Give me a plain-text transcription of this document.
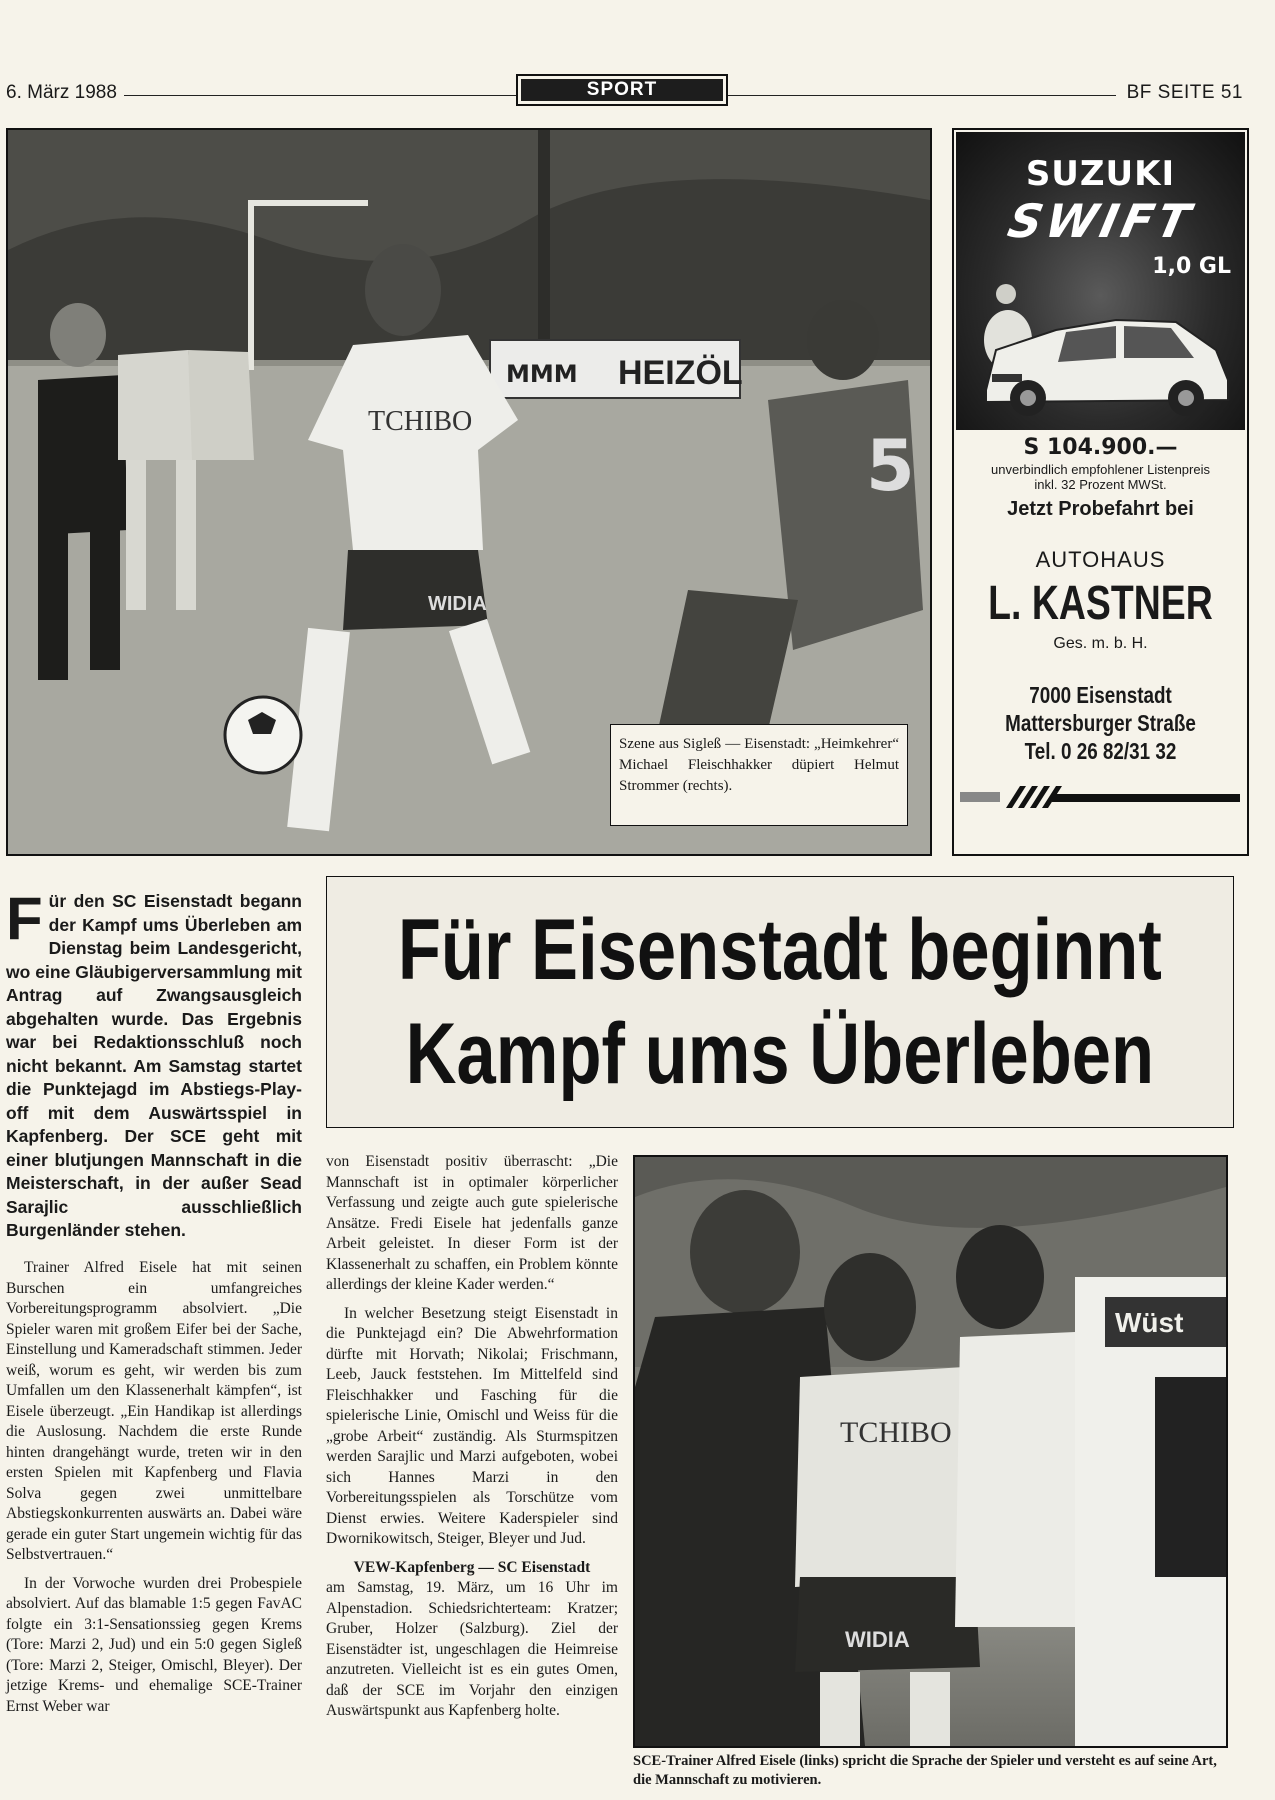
6. März 1988	SPORT	BF SEITE 51
MMM HEIZÖL
TCHIBO
WIDIA
5
Szene aus Sigleß — Eisenstadt: „Heimkehrer“ Michael Fleischhakker düpiert Helmut Strommer (rechts).
SUZUKI
SWIFT
1,0 GL
S 104.900.—
unverbindlich empfohlener Listenpreis
inkl. 32 Prozent MWSt.
Jetzt Probefahrt bei
AUTOHAUS
L. KASTNER
Ges. m. b. H.
7000 Eisenstadt
Mattersburger Straße
Tel. 0 26 82/31 32
Für Eisenstadt beginnt
Kampf ums Überleben
F ür den SC Eisenstadt begann der Kampf ums Überleben am Dienstag beim Landesgericht, wo eine Gläubigerversammlung mit Antrag auf Zwangsausgleich abgehalten wurde. Das Ergebnis war bei Redaktionsschluß noch nicht bekannt. Am Samstag startet die Punktejagd im Abstiegs-Play-off mit dem Auswärtsspiel in Kapfenberg. Der SCE geht mit einer blutjungen Mannschaft in die Meisterschaft, in der außer Sead Sarajlic ausschließlich Burgenländer stehen.

Trainer Alfred Eisele hat mit seinen Burschen ein umfangreiches Vorbereitungsprogramm absolviert. „Die Spieler waren mit großem Eifer bei der Sache, Einstellung und Kameradschaft stimmen. Jeder weiß, worum es geht, wir werden bis zum Umfallen um den Klassenerhalt kämpfen“, ist Eisele überzeugt. „Ein Handikap ist allerdings die Auslosung. Nachdem die erste Runde hinten drangehängt wurde, treten wir in den ersten Spielen mit Kapfenberg und Flavia Solva gegen zwei unmittelbare Abstiegskonkurrenten auswärts an. Dabei wäre gerade ein guter Start ungemein wichtig für das Selbstvertrauen.“

In der Vorwoche wurden drei Probespiele absolviert. Auf das blamable 1:5 gegen FavAC folgte ein 3:1-Sensationssieg gegen Krems (Tore: Marzi 2, Jud) und ein 5:0 gegen Sigleß (Tore: Marzi 2, Steiger, Omischl, Bleyer). Der jetzige Krems- und ehemalige SCE-Trainer Ernst Weber war

von Eisenstadt positiv überrascht: „Die Mannschaft ist in optimaler körperlicher Verfassung und zeigte auch gute spielerische Ansätze. Fredi Eisele hat jedenfalls ganze Arbeit geleistet. In dieser Form ist der Klassenerhalt zu schaffen, ein Problem könnte allerdings der kleine Kader werden.“

In welcher Besetzung steigt Eisenstadt in die Punktejagd ein? Die Abwehrformation dürfte mit Horvath; Nikolai; Frischmann, Leeb, Jauck feststehen. Im Mittelfeld sind Fleischhakker und Fasching für die spielerische Linie, Omischl und Weiss für die „grobe Arbeit“ zuständig. Als Sturmspitzen werden Sarajlic und Marzi aufgeboten, wobei sich Hannes Marzi in den Vorbereitungsspielen als Torschütze vom Dienst erwies. Weitere Kaderspieler sind Dwornikowitsch, Steiger, Bleyer und Jud.

VEW-Kapfenberg — SC Eisenstadt

am Samstag, 19. März, um 16 Uhr im Alpenstadion. Schiedsrichterteam: Kratzer; Gruber, Holzer (Salzburg). Ziel der Eisenstädter ist, ungeschlagen die Heimreise anzutreten. Vielleicht ist es ein gutes Omen, daß der SCE im Vorjahr den einzigen Auswärtspunkt aus Kapfenberg holte.

TCHIBO
WIDIA
Wüst
SCE-Trainer Alfred Eisele (links) spricht die Sprache der Spieler und versteht es auf seine Art, die Mannschaft zu motivieren.
